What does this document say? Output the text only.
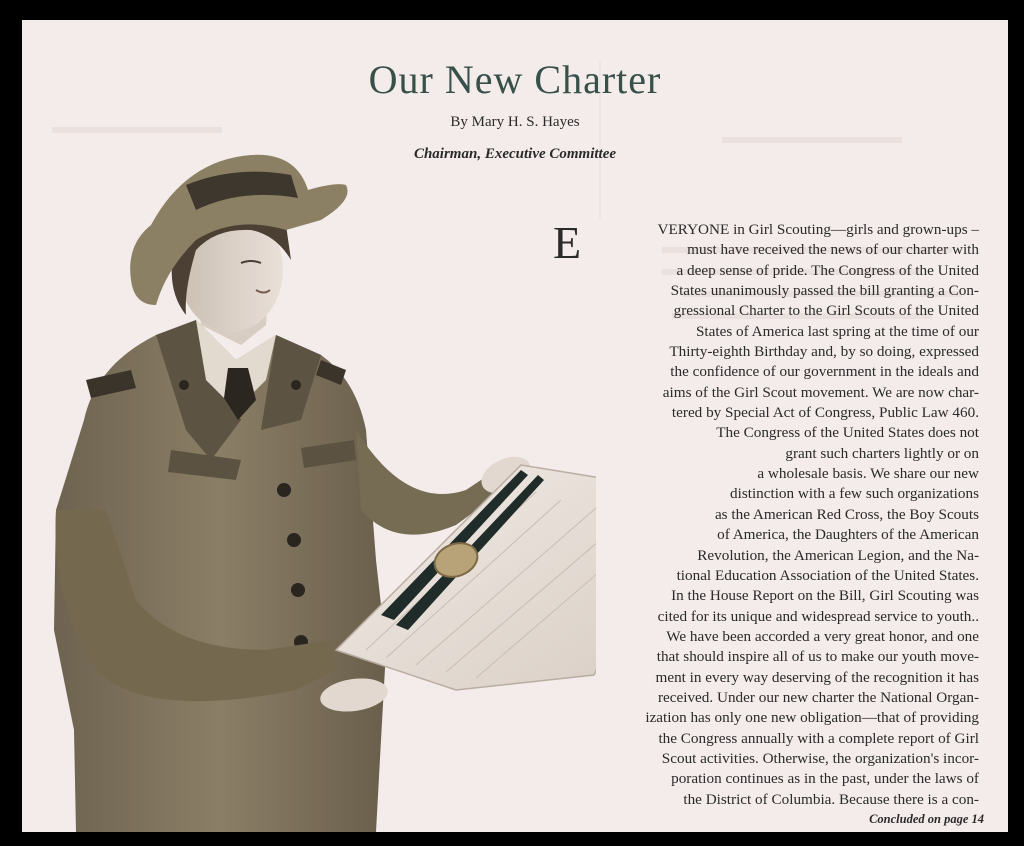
Our New Charter
By Mary H. S. Hayes
Chairman, Executive Committee
E	VERYONE in Girl Scouting—girls and grown-ups –
must have received the news of our charter with
a deep sense of pride. The Congress of the United
States unanimously passed the bill granting a Con-
gressional Charter to the Girl Scouts of the United
States of America last spring at the time of our
Thirty-eighth Birthday and, by so doing, expressed
the confidence of our government in the ideals and
aims of the Girl Scout movement. We are now char-
tered by Special Act of Congress, Public Law 460.
The Congress of the United States does not
grant such charters lightly or on
a wholesale basis. We share our new
distinction with a few such organizations
as the American Red Cross, the Boy Scouts
of America, the Daughters of the American
Revolution, the American Legion, and the Na-
tional Education Association of the United States.
In the House Report on the Bill, Girl Scouting was
cited for its unique and widespread service to youth..
We have been accorded a very great honor, and one
that should inspire all of us to make our youth move-
ment in every way deserving of the recognition it has
received. Under our new charter the National Organ-
ization has only one new obligation—that of providing
the Congress annually with a complete report of Girl
Scout activities. Otherwise, the organization's incor-
poration continues as in the past, under the laws of
the District of Columbia. Because there is a con-
Concluded on page 14
